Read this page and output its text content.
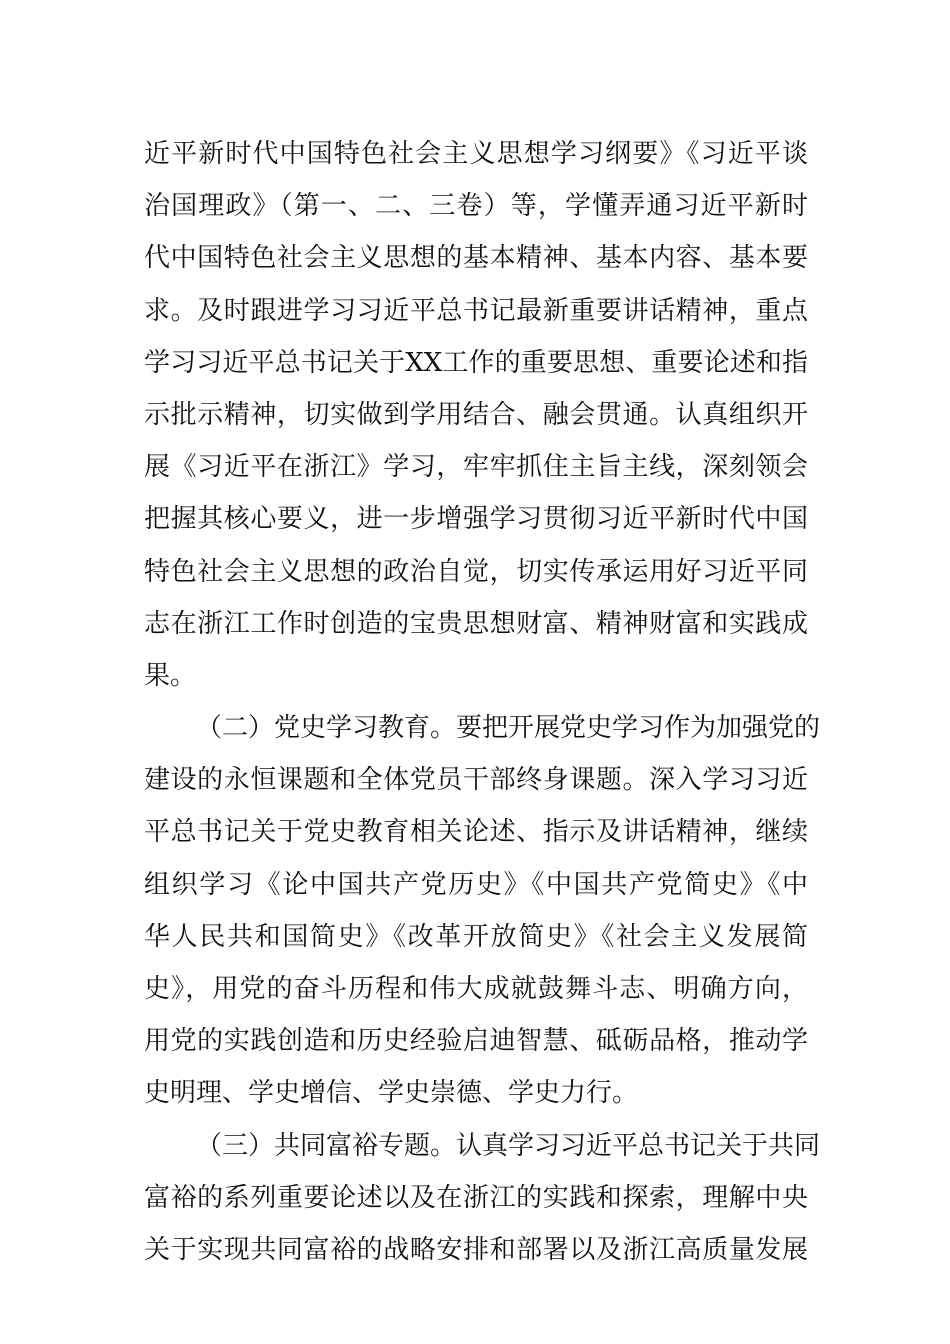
近平新时代中国特色社会主义思想学习纲要》《习近平谈
治国理政》（第一、二、三卷）等，学懂弄通习近平新时
代中国特色社会主义思想的基本精神、基本内容、基本要
求。及时跟进学习习近平总书记最新重要讲话精神，重点
学习习近平总书记关于XX工作的重要思想、重要论述和指
示批示精神，切实做到学用结合、融会贯通。认真组织开
展《习近平在浙江》学习，牢牢抓住主旨主线，深刻领会
把握其核心要义，进一步增强学习贯彻习近平新时代中国
特色社会主义思想的政治自觉，切实传承运用好习近平同
志在浙江工作时创造的宝贵思想财富、精神财富和实践成
果。
（二）党史学习教育。要把开展党史学习作为加强党的
建设的永恒课题和全体党员干部终身课题。深入学习习近
平总书记关于党史教育相关论述、指示及讲话精神，继续
组织学习《论中国共产党历史》《中国共产党简史》《中
华人民共和国简史》《改革开放简史》《社会主义发展简
史》，用党的奋斗历程和伟大成就鼓舞斗志、明确方向，
用党的实践创造和历史经验启迪智慧、砥砺品格，推动学
史明理、学史增信、学史崇德、学史力行。
（三）共同富裕专题。认真学习习近平总书记关于共同
富裕的系列重要论述以及在浙江的实践和探索，理解中央
关于实现共同富裕的战略安排和部署以及浙江高质量发展
